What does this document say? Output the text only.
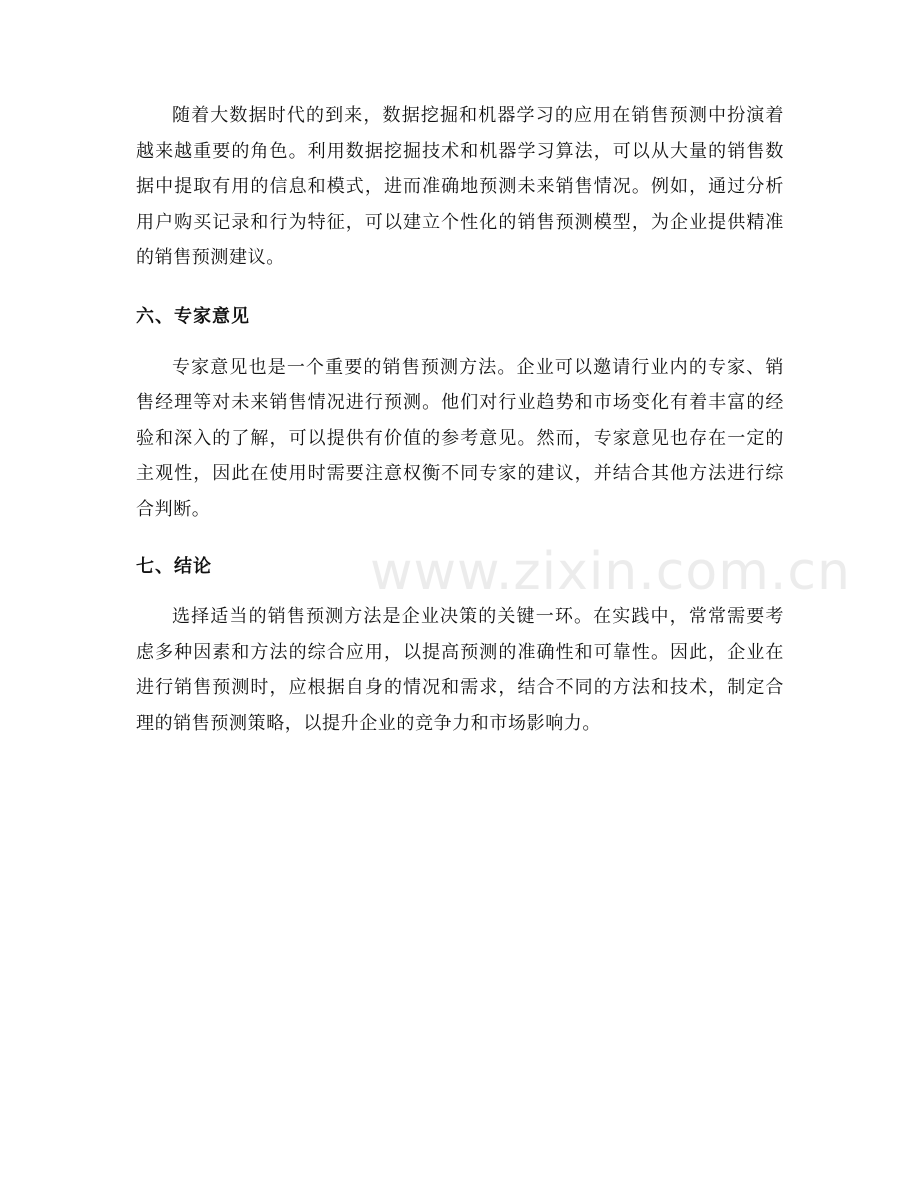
随着大数据时代的到来，数据挖掘和机器学习的应用在销售预测中扮演着越来越重要的角色。利用数据挖掘技术和机器学习算法，可以从大量的销售数据中提取有用的信息和模式，进而准确地预测未来销售情况。例如，通过分析用户购买记录和行为特征，可以建立个性化的销售预测模型，为企业提供精准的销售预测建议。

六、专家意见

专家意见也是一个重要的销售预测方法。企业可以邀请行业内的专家、销售经理等对未来销售情况进行预测。他们对行业趋势和市场变化有着丰富的经验和深入的了解，可以提供有价值的参考意见。然而，专家意见也存在一定的主观性，因此在使用时需要注意权衡不同专家的建议，并结合其他方法进行综合判断。

七、结论

选择适当的销售预测方法是企业决策的关键一环。在实践中，常常需要考虑多种因素和方法的综合应用，以提高预测的准确性和可靠性。因此，企业在进行销售预测时，应根据自身的情况和需求，结合不同的方法和技术，制定合理的销售预测策略，以提升企业的竞争力和市场影响力。

www.zixin.com.cn
